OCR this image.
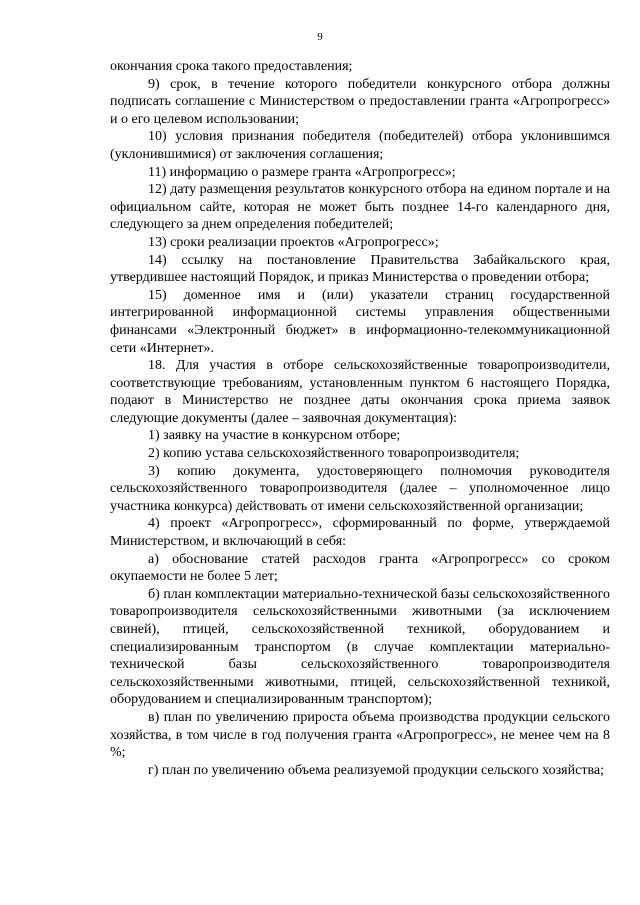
9

окончания срока такого предоставления;

9) срок, в течение которого победители конкурсного отбора должны подписать соглашение с Министерством о предоставлении гранта «Агропрогресс» и о его целевом использовании;

10) условия признания победителя (победителей) отбора уклонившимся (уклонившимися) от заключения соглашения;

11) информацию о размере гранта «Агропрогресс»;

12) дату размещения результатов конкурсного отбора на едином портале и на официальном сайте, которая не может быть позднее 14-го календарного дня, следующего за днем определения победителей;

13) сроки реализации проектов «Агропрогресс»;

14) ссылку на постановление Правительства Забайкальского края, утвердившее настоящий Порядок, и приказ Министерства о проведении отбора;

15) доменное имя и (или) указатели страниц государственной интегрированной информационной системы управления общественными финансами «Электронный бюджет» в информационно-телекоммуникационной сети «Интернет».

18. Для участия в отборе сельскохозяйственные товаропроизводители, соответствующие требованиям, установленным пунктом 6 настоящего Порядка, подают в Министерство не позднее даты окончания срока приема заявок следующие документы (далее – заявочная документация):

1) заявку на участие в конкурсном отборе;

2) копию устава сельскохозяйственного товаропроизводителя;

3) копию документа, удостоверяющего полномочия руководителя сельскохозяйственного товаропроизводителя (далее – уполномоченное лицо участника конкурса) действовать от имени сельскохозяйственной организации;

4) проект «Агропрогресс», сформированный по форме, утверждаемой Министерством, и включающий в себя:

а) обоснование статей расходов гранта «Агропрогресс» со сроком окупаемости не более 5 лет;

б) план комплектации материально-технической базы сельскохозяйственного товаропроизводителя сельскохозяйственными животными (за исключением свиней), птицей, сельскохозяйственной техникой, оборудованием и специализированным транспортом (в случае комплектации материально-технической базы сельскохозяйственного товаропроизводителя сельскохозяйственными животными, птицей, сельскохозяйственной техникой, оборудованием и специализированным транспортом);

в) план по увеличению прироста объема производства продукции сельского хозяйства, в том числе в год получения гранта «Агропрогресс», не менее чем на 8 %;

г) план по увеличению объема реализуемой продукции сельского хозяйства;
